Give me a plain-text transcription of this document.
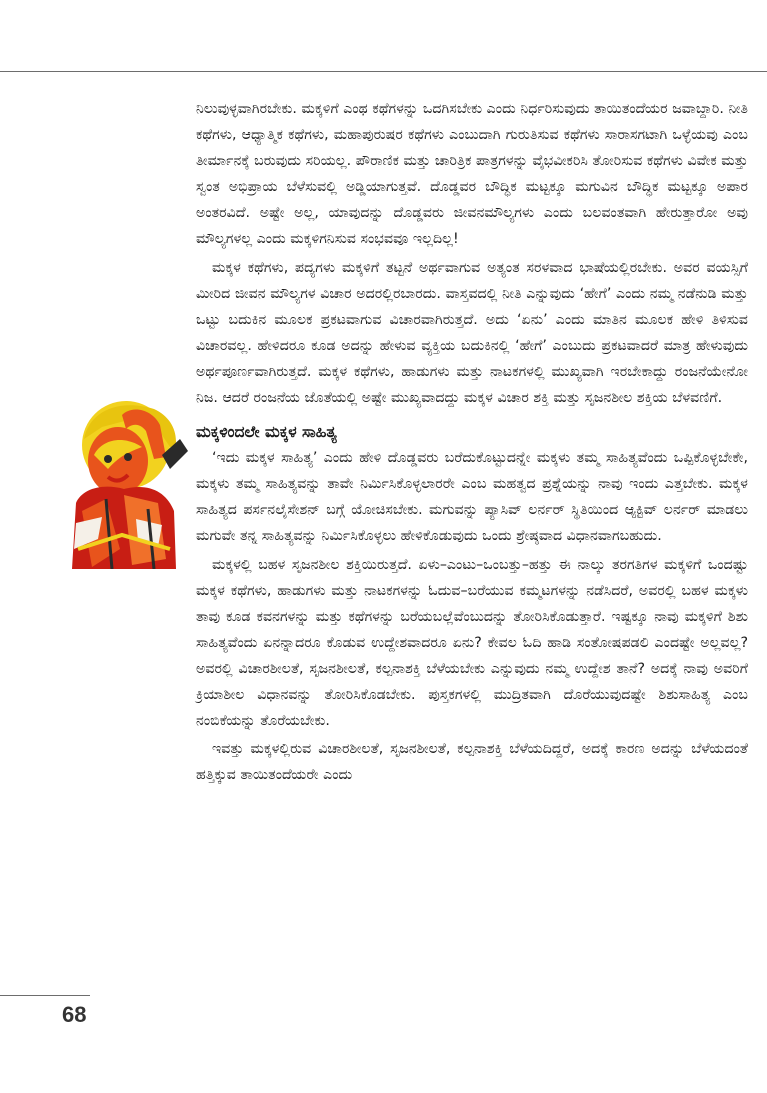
ನಿಲುವುಳ್ಳವಾಗಿರಬೇಕು. ಮಕ್ಕಳಿಗೆ ಎಂಥ ಕಥೆಗಳನ್ನು ಒದಗಿಸಬೇಕು ಎಂದು ನಿರ್ಧರಿಸುವುದು ತಾಯಿತಂದೆಯರ ಜವಾಬ್ದಾರಿ. ನೀತಿ ಕಥೆಗಳು, ಆಧ್ಯಾತ್ಮಿಕ ಕಥೆಗಳು, ಮಹಾಪುರುಷರ ಕಥೆಗಳು ಎಂಬುದಾಗಿ ಗುರುತಿಸುವ ಕಥೆಗಳು ಸಾರಾಸಗಟಾಗಿ ಒಳ್ಳೆಯವು ಎಂಬ ತೀರ್ಮಾನಕ್ಕೆ ಬರುವುದು ಸರಿಯಲ್ಲ. ಪೌರಾಣಿಕ ಮತ್ತು ಚಾರಿತ್ರಿಕ ಪಾತ್ರಗಳನ್ನು ವೈಭವೀಕರಿಸಿ ತೋರಿಸುವ ಕಥೆಗಳು ವಿವೇಕ ಮತ್ತು ಸ್ವಂತ ಅಭಿಪ್ರಾಯ ಬೆಳೆಸುವಲ್ಲಿ ಅಡ್ಡಿಯಾಗುತ್ತವೆ. ದೊಡ್ಡವರ ಬೌದ್ಧಿಕ ಮಟ್ಟಕ್ಕೂ ಮಗುವಿನ ಬೌದ್ಧಿಕ ಮಟ್ಟಕ್ಕೂ ಅಪಾರ ಅಂತರವಿದೆ. ಅಷ್ಟೇ ಅಲ್ಲ, ಯಾವುದನ್ನು ದೊಡ್ಡವರು ಜೀವನಮೌಲ್ಯಗಳು ಎಂದು ಬಲವಂತವಾಗಿ ಹೇರುತ್ತಾರೋ ಅವು ಮೌಲ್ಯಗಳಲ್ಲ ಎಂದು ಮಕ್ಕಳಿಗನಿಸುವ ಸಂಭವವೂ ಇಲ್ಲದಿಲ್ಲ!

ಮಕ್ಕಳ ಕಥೆಗಳು, ಪದ್ಯಗಳು ಮಕ್ಕಳಿಗೆ ತಟ್ಟನೆ ಅರ್ಥವಾಗುವ ಅತ್ಯಂತ ಸರಳವಾದ ಭಾಷೆಯಲ್ಲಿರಬೇಕು. ಅವರ ವಯಸ್ಸಿಗೆ ಮೀರಿದ ಜೀವನ ಮೌಲ್ಯಗಳ ವಿಚಾರ ಅದರಲ್ಲಿರಬಾರದು. ವಾಸ್ತವದಲ್ಲಿ ನೀತಿ ಎನ್ನುವುದು ‘ಹೇಗೆ’ ಎಂದು ನಮ್ಮ ನಡೆನುಡಿ ಮತ್ತು ಒಟ್ಟು ಬದುಕಿನ ಮೂಲಕ ಪ್ರಕಟವಾಗುವ ವಿಚಾರವಾಗಿರುತ್ತದೆ. ಅದು ‘ಏನು’ ಎಂದು ಮಾತಿನ ಮೂಲಕ ಹೇಳಿ ತಿಳಿಸುವ ವಿಚಾರವಲ್ಲ. ಹೇಳಿದರೂ ಕೂಡ ಅದನ್ನು ಹೇಳುವ ವ್ಯಕ್ತಿಯ ಬದುಕಿನಲ್ಲಿ ‘ಹೇಗೆ’ ಎಂಬುದು ಪ್ರಕಟವಾದರೆ ಮಾತ್ರ ಹೇಳುವುದು ಅರ್ಥಪೂರ್ಣವಾಗಿರುತ್ತದೆ. ಮಕ್ಕಳ ಕಥೆಗಳು, ಹಾಡುಗಳು ಮತ್ತು ನಾಟಕಗಳಲ್ಲಿ ಮುಖ್ಯವಾಗಿ ಇರಬೇಕಾದ್ದು ರಂಜನೆಯೇನೋ ನಿಜ. ಆದರೆ ರಂಜನೆಯ ಜೊತೆಯಲ್ಲಿ ಅಷ್ಟೇ ಮುಖ್ಯವಾದದ್ದು ಮಕ್ಕಳ ವಿಚಾರ ಶಕ್ತಿ ಮತ್ತು ಸೃಜನಶೀಲ ಶಕ್ತಿಯ ಬೆಳವಣಿಗೆ.

ಮಕ್ಕಳಿಂದಲೇ ಮಕ್ಕಳ ಸಾಹಿತ್ಯ

‘ಇದು ಮಕ್ಕಳ ಸಾಹಿತ್ಯ’ ಎಂದು ಹೇಳಿ ದೊಡ್ಡವರು ಬರೆದುಕೊಟ್ಟುದನ್ನೇ ಮಕ್ಕಳು ತಮ್ಮ ಸಾಹಿತ್ಯವೆಂದು ಒಪ್ಪಿಕೊಳ್ಳಬೇಕೇ, ಮಕ್ಕಳು ತಮ್ಮ ಸಾಹಿತ್ಯವನ್ನು ತಾವೇ ನಿರ್ಮಿಸಿಕೊಳ್ಳಲಾರರೇ ಎಂಬ ಮಹತ್ವದ ಪ್ರಶ್ನೆಯನ್ನು ನಾವು ಇಂದು ಎತ್ತಬೇಕು. ಮಕ್ಕಳ ಸಾಹಿತ್ಯದ ಪರ್ಸನಲೈಸೇಶನ್ ಬಗ್ಗೆ ಯೋಚಿಸಬೇಕು. ಮಗುವನ್ನು ಪ್ಯಾಸಿವ್ ಲರ್ನರ್ ಸ್ಥಿತಿಯಿಂದ ಆ್ಯಕ್ಟಿವ್ ಲರ್ನರ್ ಮಾಡಲು ಮಗುವೇ ತನ್ನ ಸಾಹಿತ್ಯವನ್ನು ನಿರ್ಮಿಸಿಕೊಳ್ಳಲು ಹೇಳಿಕೊಡುವುದು ಒಂದು ಶ್ರೇಷ್ಠವಾದ ವಿಧಾನವಾಗಬಹುದು.

ಮಕ್ಕಳಲ್ಲಿ ಬಹಳ ಸೃಜನಶೀಲ ಶಕ್ತಿಯಿರುತ್ತದೆ. ಏಳು–ಎಂಟು–ಒಂಬತ್ತು–ಹತ್ತು ಈ ನಾಲ್ಕು ತರಗತಿಗಳ ಮಕ್ಕಳಿಗೆ ಒಂದಷ್ಟು ಮಕ್ಕಳ ಕಥೆಗಳು, ಹಾಡುಗಳು ಮತ್ತು ನಾಟಕಗಳನ್ನು ಓದುವ–ಬರೆಯುವ ಕಮ್ಮಟಗಳನ್ನು ನಡೆಸಿದರೆ, ಅವರಲ್ಲಿ ಬಹಳ ಮಕ್ಕಳು ತಾವು ಕೂಡ ಕವನಗಳನ್ನು ಮತ್ತು ಕಥೆಗಳನ್ನು ಬರೆಯಬಲ್ಲೆವೆಂಬುದನ್ನು ತೋರಿಸಿಕೊಡುತ್ತಾರೆ. ಇಷ್ಟಕ್ಕೂ ನಾವು ಮಕ್ಕಳಿಗೆ ಶಿಶು ಸಾಹಿತ್ಯವೆಂದು ಏನನ್ನಾದರೂ ಕೊಡುವ ಉದ್ದೇಶವಾದರೂ ಏನು? ಕೇವಲ ಓದಿ ಹಾಡಿ ಸಂತೋಷಪಡಲಿ ಎಂದಷ್ಟೇ ಅಲ್ಲವಲ್ಲ? ಅವರಲ್ಲಿ ವಿಚಾರಶೀಲತೆ, ಸೃಜನಶೀಲತೆ, ಕಲ್ಪನಾಶಕ್ತಿ ಬೆಳೆಯಬೇಕು ಎನ್ನುವುದು ನಮ್ಮ ಉದ್ದೇಶ ತಾನೆ? ಅದಕ್ಕೆ ನಾವು ಅವರಿಗೆ ಕ್ರಿಯಾಶೀಲ ವಿಧಾನವನ್ನು ತೋರಿಸಿಕೊಡಬೇಕು. ಪುಸ್ತಕಗಳಲ್ಲಿ ಮುದ್ರಿತವಾಗಿ ದೊರೆಯುವುದಷ್ಟೇ ಶಿಶುಸಾಹಿತ್ಯ ಎಂಬ ನಂಬಿಕೆಯನ್ನು ತೊರೆಯಬೇಕು.

ಇವತ್ತು ಮಕ್ಕಳಲ್ಲಿರುವ ವಿಚಾರಶೀಲತೆ, ಸೃಜನಶೀಲತೆ, ಕಲ್ಪನಾಶಕ್ತಿ ಬೆಳೆಯದಿದ್ದರೆ, ಅದಕ್ಕೆ ಕಾರಣ ಅದನ್ನು ಬೆಳೆಯದಂತೆ ಹತ್ತಿಕ್ಕುವ ತಾಯಿತಂದೆಯರೇ ಎಂದು

68
